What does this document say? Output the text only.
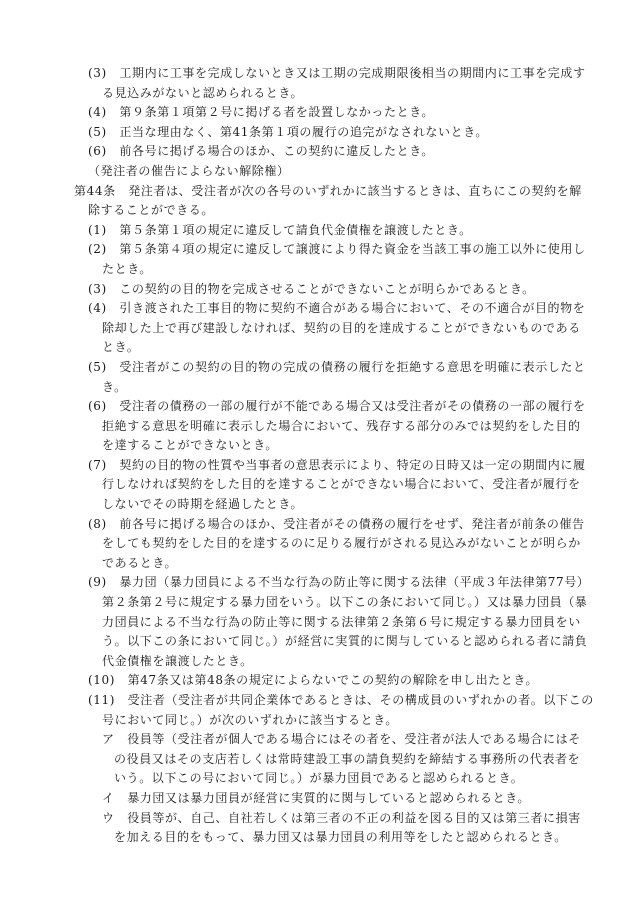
(3)　工期内に工事を完成しないとき又は工期の完成期限後相当の期間内に工事を完成す
る見込みがないと認められるとき。
(4)　第９条第１項第２号に掲げる者を設置しなかったとき。
(5)　正当な理由なく、第41条第１項の履行の追完がなされないとき。
(6)　前各号に掲げる場合のほか、この契約に違反したとき。
（発注者の催告によらない解除権）
第44条　発注者は、受注者が次の各号のいずれかに該当するときは、直ちにこの契約を解
除することができる。
(1)　第５条第１項の規定に違反して請負代金債権を譲渡したとき。
(2)　第５条第４項の規定に違反して譲渡により得た資金を当該工事の施工以外に使用し
たとき。
(3)　この契約の目的物を完成させることができないことが明らかであるとき。
(4)　引き渡された工事目的物に契約不適合がある場合において、その不適合が目的物を
除却した上で再び建設しなければ、契約の目的を達成することができないものである
とき。
(5)　受注者がこの契約の目的物の完成の債務の履行を拒絶する意思を明確に表示したと
き。
(6)　受注者の債務の一部の履行が不能である場合又は受注者がその債務の一部の履行を
拒絶する意思を明確に表示した場合において、残存する部分のみでは契約をした目的
を達することができないとき。
(7)　契約の目的物の性質や当事者の意思表示により、特定の日時又は一定の期間内に履
行しなければ契約をした目的を達することができない場合において、受注者が履行を
しないでその時期を経過したとき。
(8)　前各号に掲げる場合のほか、受注者がその債務の履行をせず、発注者が前条の催告
をしても契約をした目的を達するのに足りる履行がされる見込みがないことが明らか
であるとき。
(9)　暴力団（暴力団員による不当な行為の防止等に関する法律（平成３年法律第77号）
第２条第２号に規定する暴力団をいう。以下この条において同じ。）又は暴力団員（暴
力団員による不当な行為の防止等に関する法律第２条第６号に規定する暴力団員をい
う。以下この条において同じ。）が経営に実質的に関与していると認められる者に請負
代金債権を譲渡したとき。
(10)　第47条又は第48条の規定によらないでこの契約の解除を申し出たとき。
(11)　受注者（受注者が共同企業体であるときは、その構成員のいずれかの者。以下この
号において同じ。）が次のいずれかに該当するとき。
ア　役員等（受注者が個人である場合にはその者を、受注者が法人である場合にはそ
の役員又はその支店若しくは常時建設工事の請負契約を締結する事務所の代表者を
いう。以下この号において同じ。）が暴力団員であると認められるとき。
イ　暴力団又は暴力団員が経営に実質的に関与していると認められるとき。
ウ　役員等が、自己、自社若しくは第三者の不正の利益を図る目的又は第三者に損害
を加える目的をもって、暴力団又は暴力団員の利用等をしたと認められるとき。
